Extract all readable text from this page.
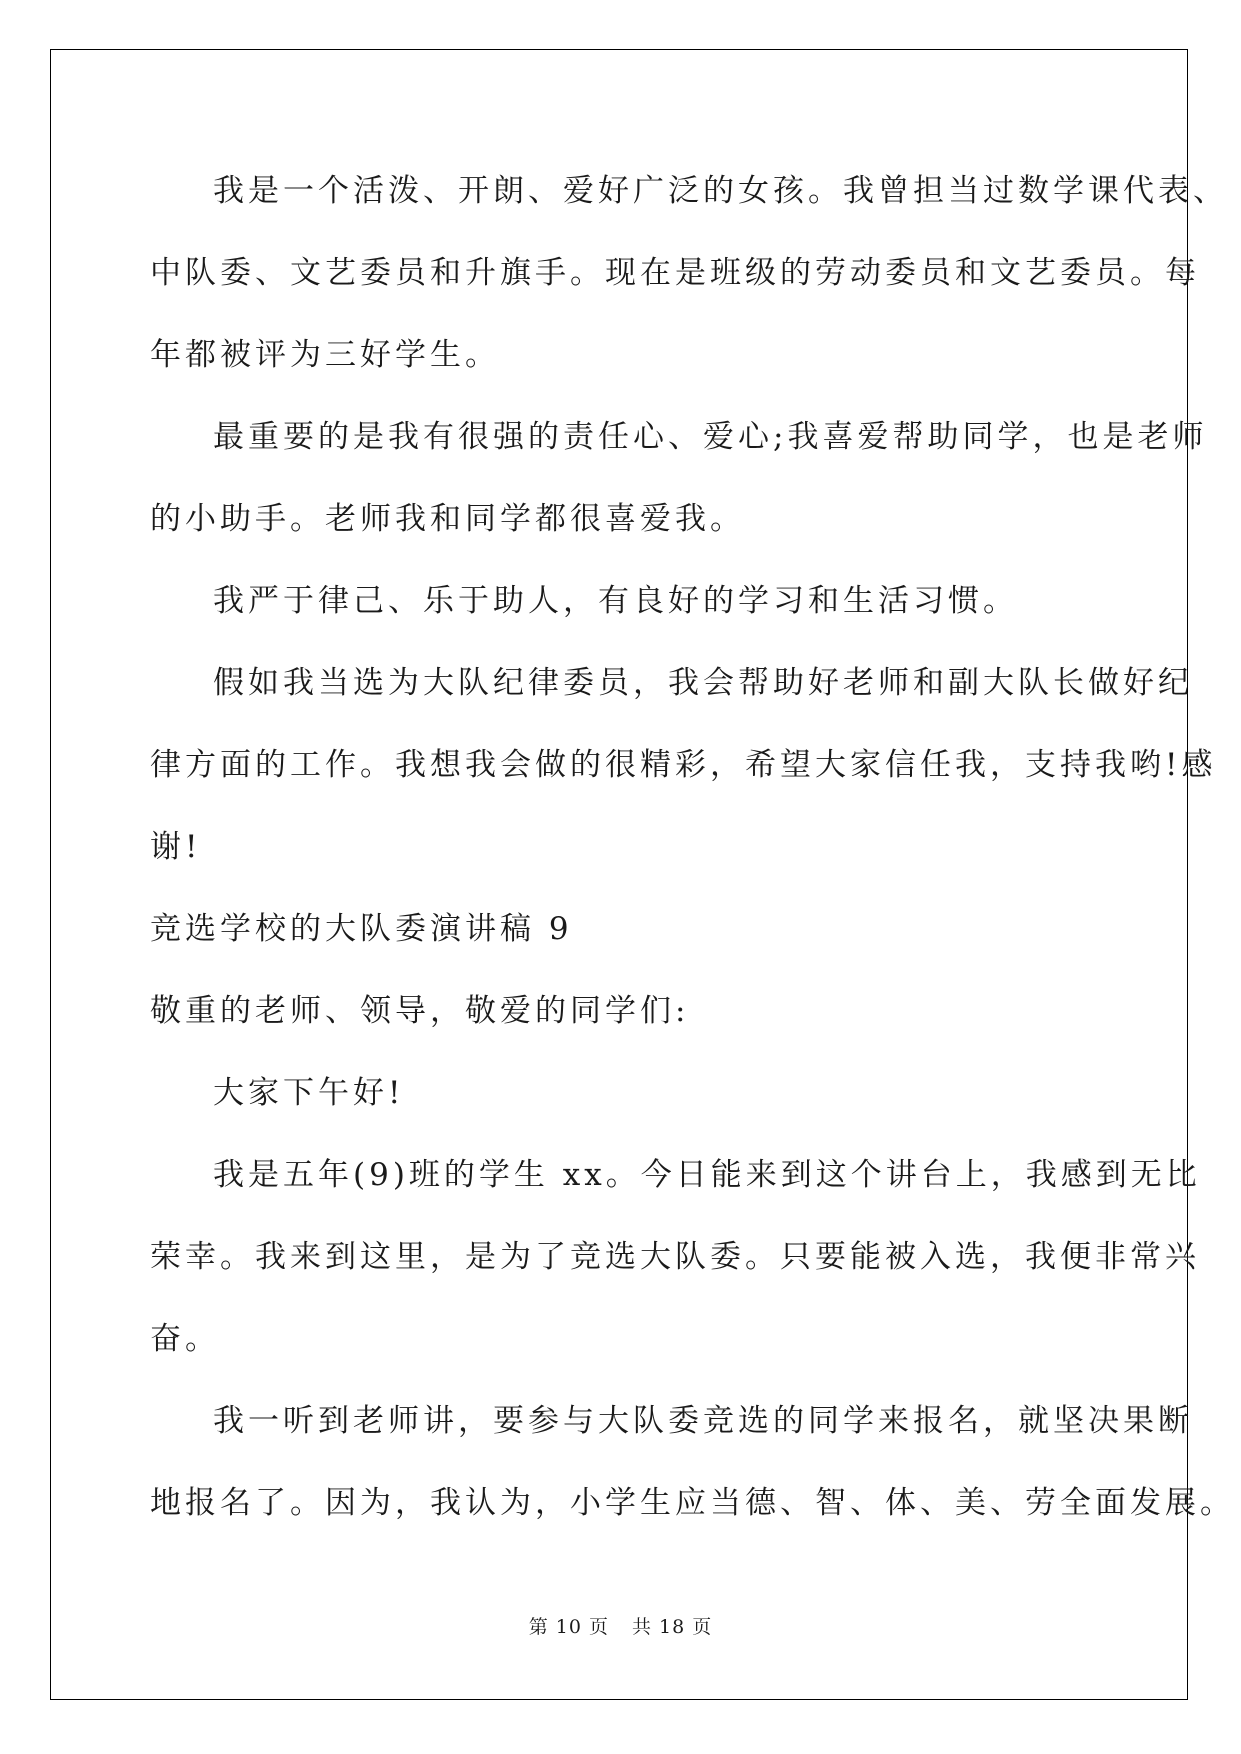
我是一个活泼、开朗、爱好广泛的女孩。我曾担当过数学课代表、
中队委、文艺委员和升旗手。现在是班级的劳动委员和文艺委员。每
年都被评为三好学生。
最重要的是我有很强的责任心、爱心;我喜爱帮助同学，也是老师
的小助手。老师我和同学都很喜爱我。
我严于律己、乐于助人，有良好的学习和生活习惯。
假如我当选为大队纪律委员，我会帮助好老师和副大队长做好纪
律方面的工作。我想我会做的很精彩，希望大家信任我，支持我哟!感
谢!
竞选学校的大队委演讲稿 9
敬重的老师、领导，敬爱的同学们:
大家下午好!
我是五年(9)班的学生 xx。今日能来到这个讲台上，我感到无比
荣幸。我来到这里，是为了竞选大队委。只要能被入选，我便非常兴
奋。
我一听到老师讲，要参与大队委竞选的同学来报名，就坚决果断
地报名了。因为，我认为，小学生应当德、智、体、美、劳全面发展。
第 10 页 共 18 页
